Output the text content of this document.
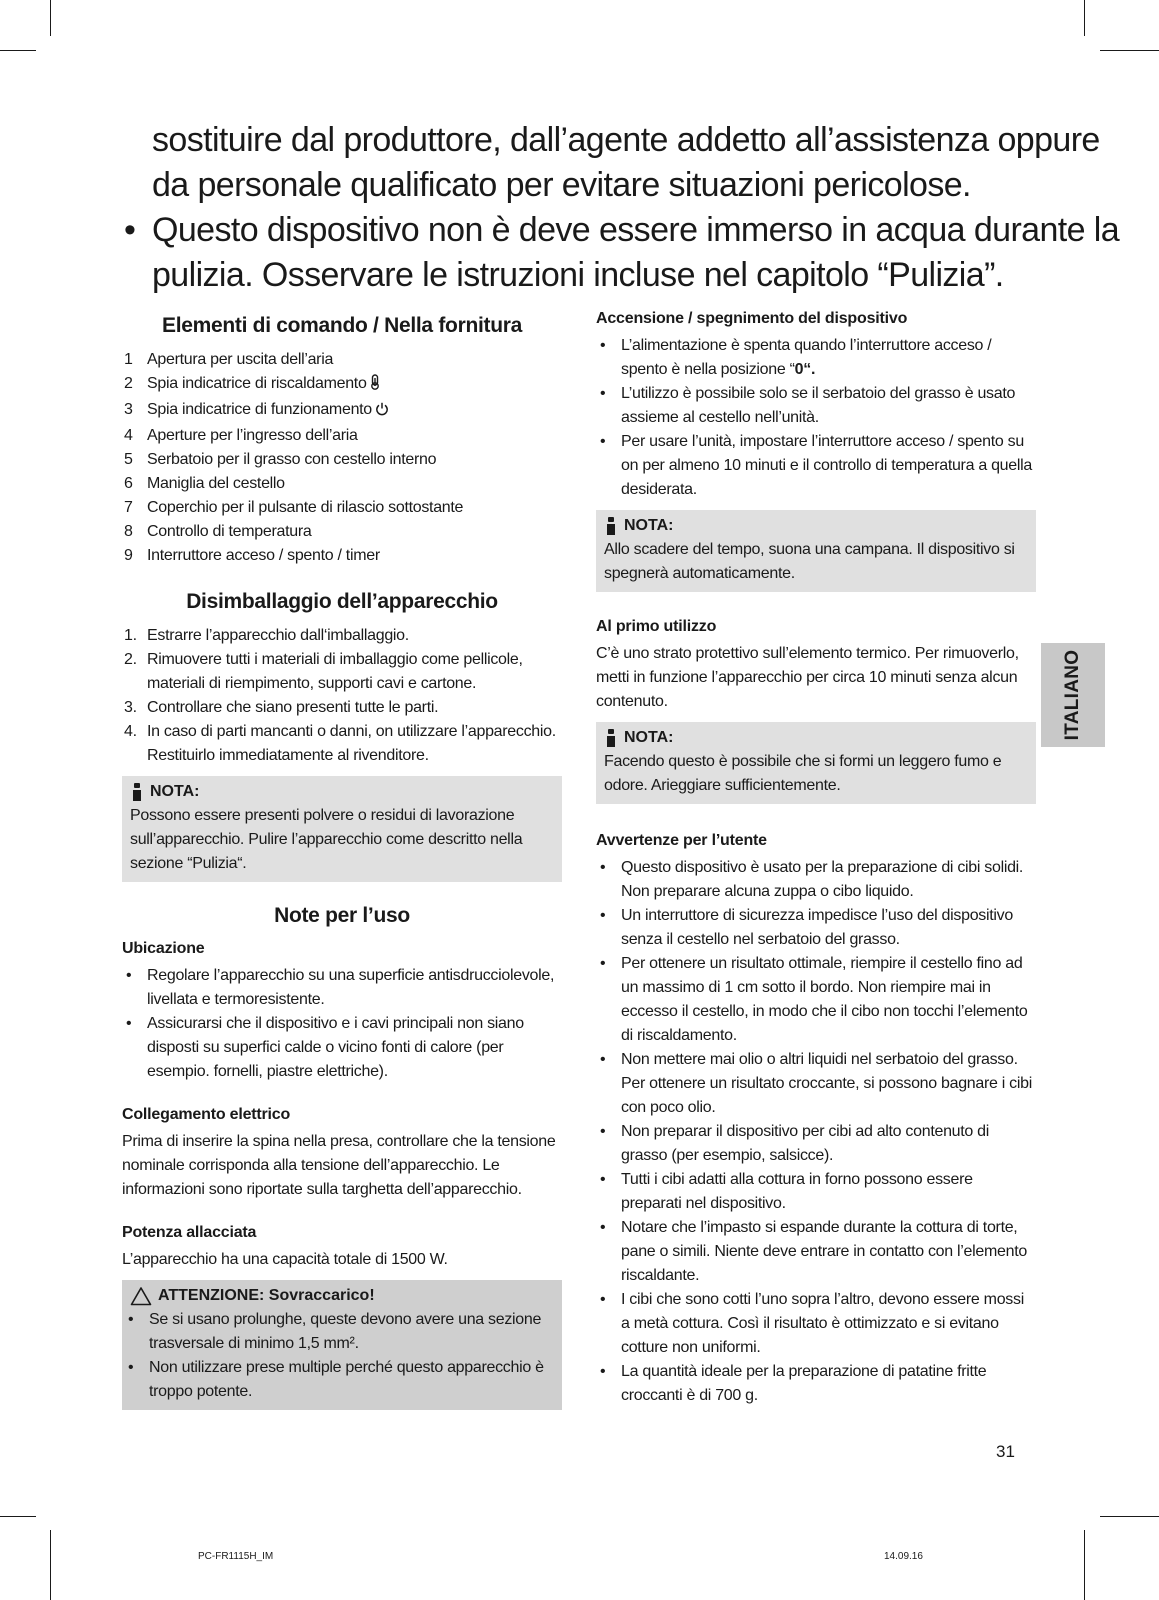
sostituire dal produttore, dall’agente addetto all’assistenza oppure
da personale qualificato per evitare situazioni pericolose.
• Questo dispositivo non è deve essere immerso in acqua durante la
pulizia. Osservare le istruzioni incluse nel capitolo “Pulizia”.
Elementi di comando / Nella fornitura
1 Apertura per uscita dell’aria
2 Spia indicatrice di riscaldamento
3 Spia indicatrice di funzionamento
4 Aperture per l’ingresso dell’aria
5 Serbatoio per il grasso con cestello interno
6 Maniglia del cestello
7 Coperchio per il pulsante di rilascio sottostante
8 Controllo di temperatura
9 Interruttore acceso / spento / timer
Disimballaggio dell’apparecchio
1. Estrarre l’apparecchio dall‘imballaggio.
2. Rimuovere tutti i materiali di imballaggio come pellicole, materiali di riempimento, supporti cavi e cartone.
3. Controllare che siano presenti tutte le parti.
4. In caso di parti mancanti o danni, on utilizzare l’apparecchio. Restituirlo immediatamente al rivenditore.
NOTA:
Possono essere presenti polvere o residui di lavorazione sull’apparecchio. Pulire l’apparecchio come descritto nella sezione “Pulizia“.
Note per l’uso
Ubicazione
• Regolare l’apparecchio su una superficie antisdrucciolevole, livellata e termoresistente.
• Assicurarsi che il dispositivo e i cavi principali non siano disposti su superfici calde o vicino fonti di calore (per esempio. fornelli, piastre elettriche).
Collegamento elettrico
Prima di inserire la spina nella presa, controllare che la tensione nominale corrisponda alla tensione dell’apparecchio. Le informazioni sono riportate sulla targhetta dell’apparecchio.
Potenza allacciata
L’apparecchio ha una capacità totale di 1500 W.
ATTENZIONE: Sovraccarico!
• Se si usano prolunghe, queste devono avere una sezione trasversale di minimo 1,5 mm².
• Non utilizzare prese multiple perché questo apparecchio è troppo potente.
Accensione / spegnimento del dispositivo
• L’alimentazione è spenta quando l’interruttore acceso / spento è nella posizione “0“.
• L’utilizzo è possibile solo se il serbatoio del grasso è usato assieme al cestello nell’unità.
• Per usare l’unità, impostare l’interruttore acceso / spento su on per almeno 10 minuti e il controllo di temperatura a quella desiderata.
NOTA:
Allo scadere del tempo, suona una campana. Il dispositivo si spegnerà automaticamente.
Al primo utilizzo
C’è uno strato protettivo sull’elemento termico. Per rimuoverlo, metti in funzione l’apparecchio per circa 10 minuti senza alcun contenuto.
NOTA:
Facendo questo è possibile che si formi un leggero fumo e odore. Arieggiare sufficientemente.
Avvertenze per l’utente
• Questo dispositivo è usato per la preparazione di cibi solidi. Non preparare alcuna zuppa o cibo liquido.
• Un interruttore di sicurezza impedisce l’uso del dispositivo senza il cestello nel serbatoio del grasso.
• Per ottenere un risultato ottimale, riempire il cestello fino ad un massimo di 1 cm sotto il bordo. Non riempire mai in eccesso il cestello, in modo che il cibo non tocchi l’elemento di riscaldamento.
• Non mettere mai olio o altri liquidi nel serbatoio del grasso. Per ottenere un risultato croccante, si possono bagnare i cibi con poco olio.
• Non preparar il dispositivo per cibi ad alto contenuto di grasso (per esempio, salsicce).
• Tutti i cibi adatti alla cottura in forno possono essere preparati nel dispositivo.
• Notare che l’impasto si espande durante la cottura di torte, pane o simili. Niente deve entrare in contatto con l’elemento riscaldante.
• I cibi che sono cotti l’uno sopra l’altro, devono essere mossi a metà cottura. Così il risultato è ottimizzato e si evitano cotture non uniformi.
• La quantità ideale per la preparazione di patatine fritte croccanti è di 700 g.
ITALIANO
31
PC-FR1115H_IM	14.09.16
